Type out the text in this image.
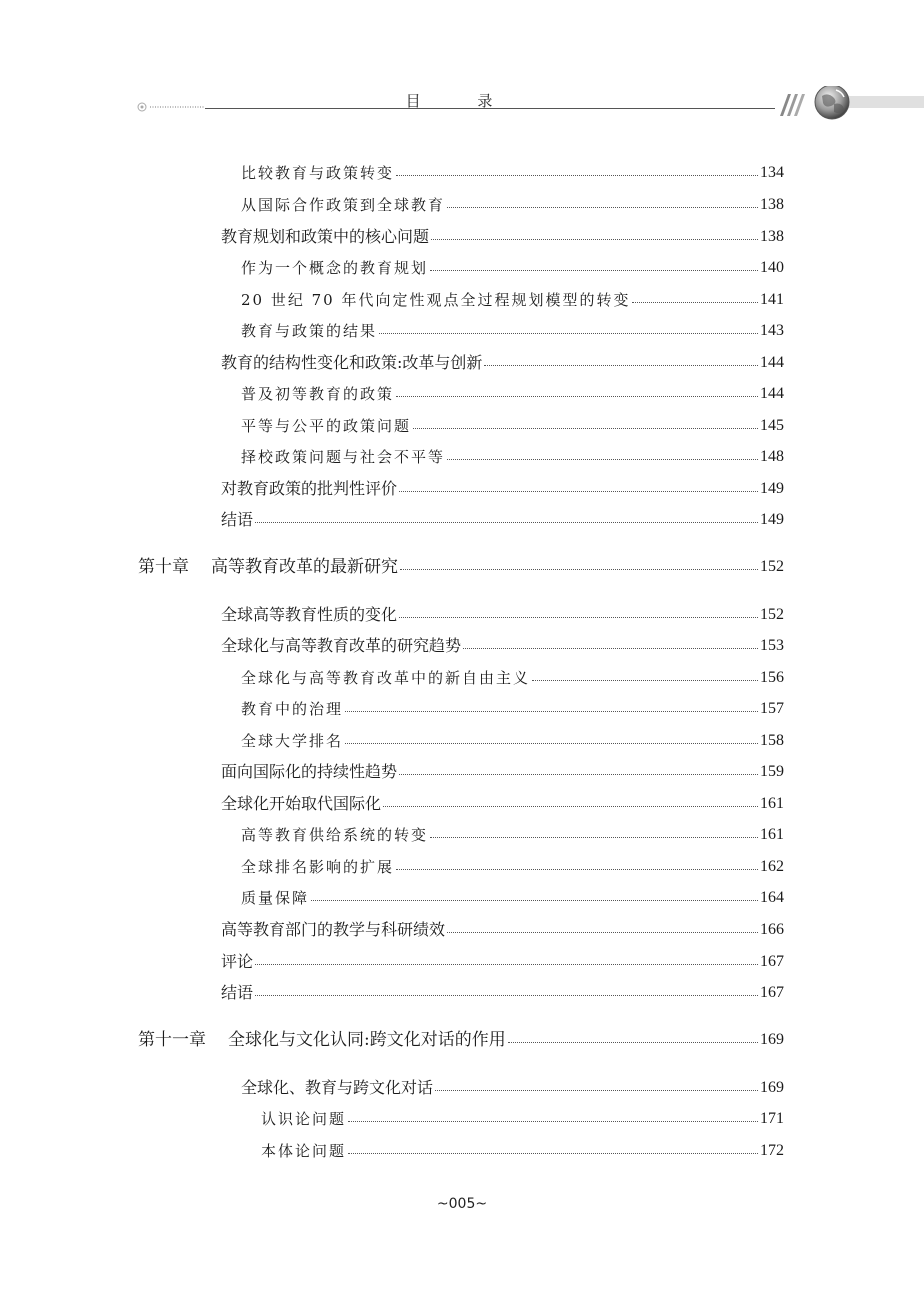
目 录
比较教育与政策转变	134
从国际合作政策到全球教育	138
教育规划和政策中的核心问题	138
作为一个概念的教育规划	140
20 世纪 70 年代向定性观点全过程规划模型的转变	141
教育与政策的结果	143
教育的结构性变化和政策:改革与创新	144
普及初等教育的政策	144
平等与公平的政策问题	145
择校政策问题与社会不平等	148
对教育政策的批判性评价	149
结语	149
第十章 高等教育改革的最新研究	152
全球高等教育性质的变化	152
全球化与高等教育改革的研究趋势	153
全球化与高等教育改革中的新自由主义	156
教育中的治理	157
全球大学排名	158
面向国际化的持续性趋势	159
全球化开始取代国际化	161
高等教育供给系统的转变	161
全球排名影响的扩展	162
质量保障	164
高等教育部门的教学与科研绩效	166
评论	167
结语	167
第十一章 全球化与文化认同:跨文化对话的作用	169
全球化、教育与跨文化对话	169
认识论问题	171
本体论问题	172
~005~
